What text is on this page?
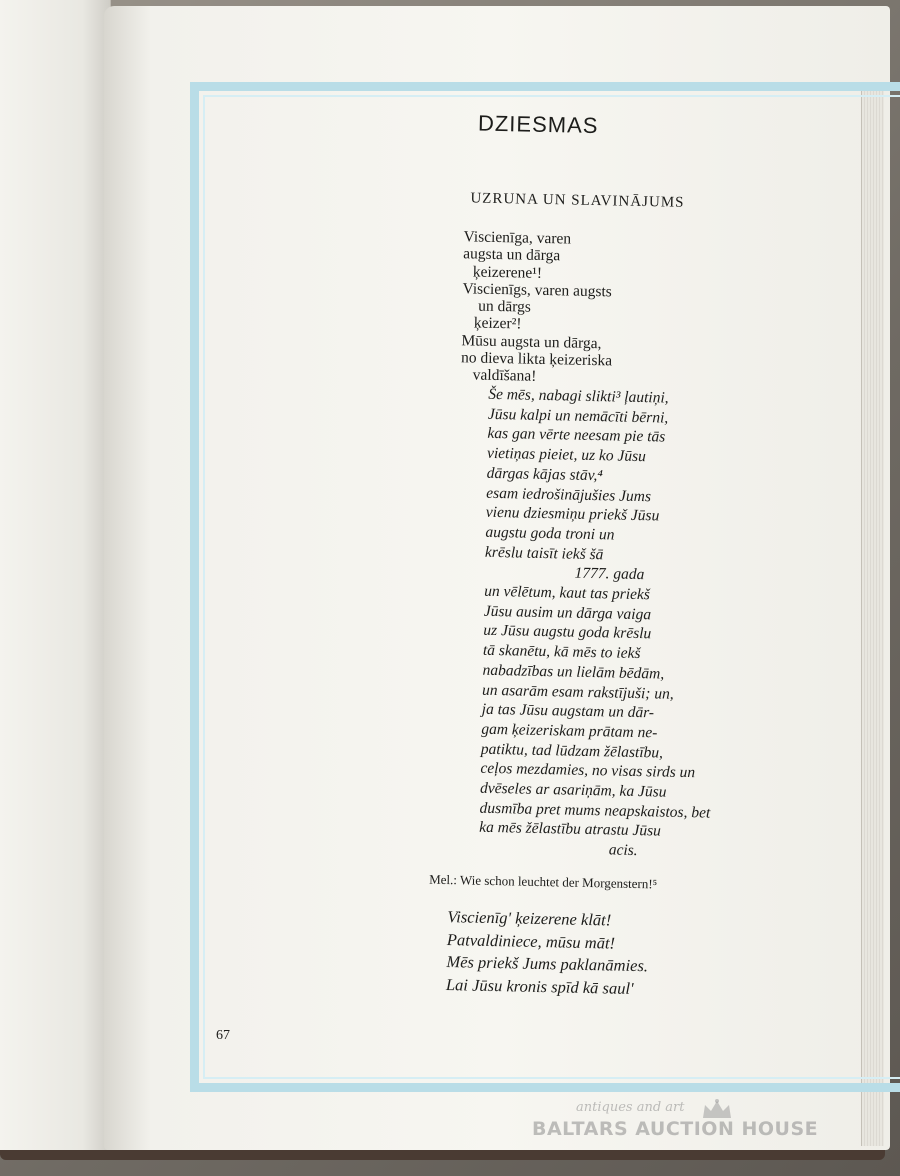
DZIESMAS
UZRUNA UN SLAVINĀJUMS
Viscienīga, varen
augsta un dārga
ķeizerene¹!
Viscienīgs, varen augsts
un dārgs
ķeizer²!
Mūsu augsta un dārga,
no dieva likta ķeizeriska
valdīšana!
Še mēs, nabagi slikti³ ļautiņi,
Jūsu kalpi un nemācīti bērni,
kas gan vērte neesam pie tās
vietiņas pieiet, uz ko Jūsu
dārgas kājas stāv,⁴
esam iedrošinājušies Jums
vienu dziesmiņu priekš Jūsu
augstu goda troni un
krēslu taisīt iekš šā
1777. gada
un vēlētum, kaut tas priekš
Jūsu ausim un dārga vaiga
uz Jūsu augstu goda krēslu
tā skanētu, kā mēs to iekš
nabadzības un lielām bēdām,
un asarām esam rakstījuši; un,
ja tas Jūsu augstam un dār-
gam ķeizeriskam prātam ne-
patiktu, tad lūdzam žēlastību,
ceļos mezdamies, no visas sirds un
dvēseles ar asariņām, ka Jūsu
dusmība pret mums neapskaistos, bet
ka mēs žēlastību atrastu Jūsu
acis.

Mel.: Wie schon leuchtet der Morgenstern!⁵

Viscienīg' ķeizerene klāt!
Patvaldiniece, mūsu māt!
Mēs priekš Jums paklanāmies.
Lai Jūsu kronis spīd kā saul'

67

antiques and art

BALTARS AUCTION HOUSE
